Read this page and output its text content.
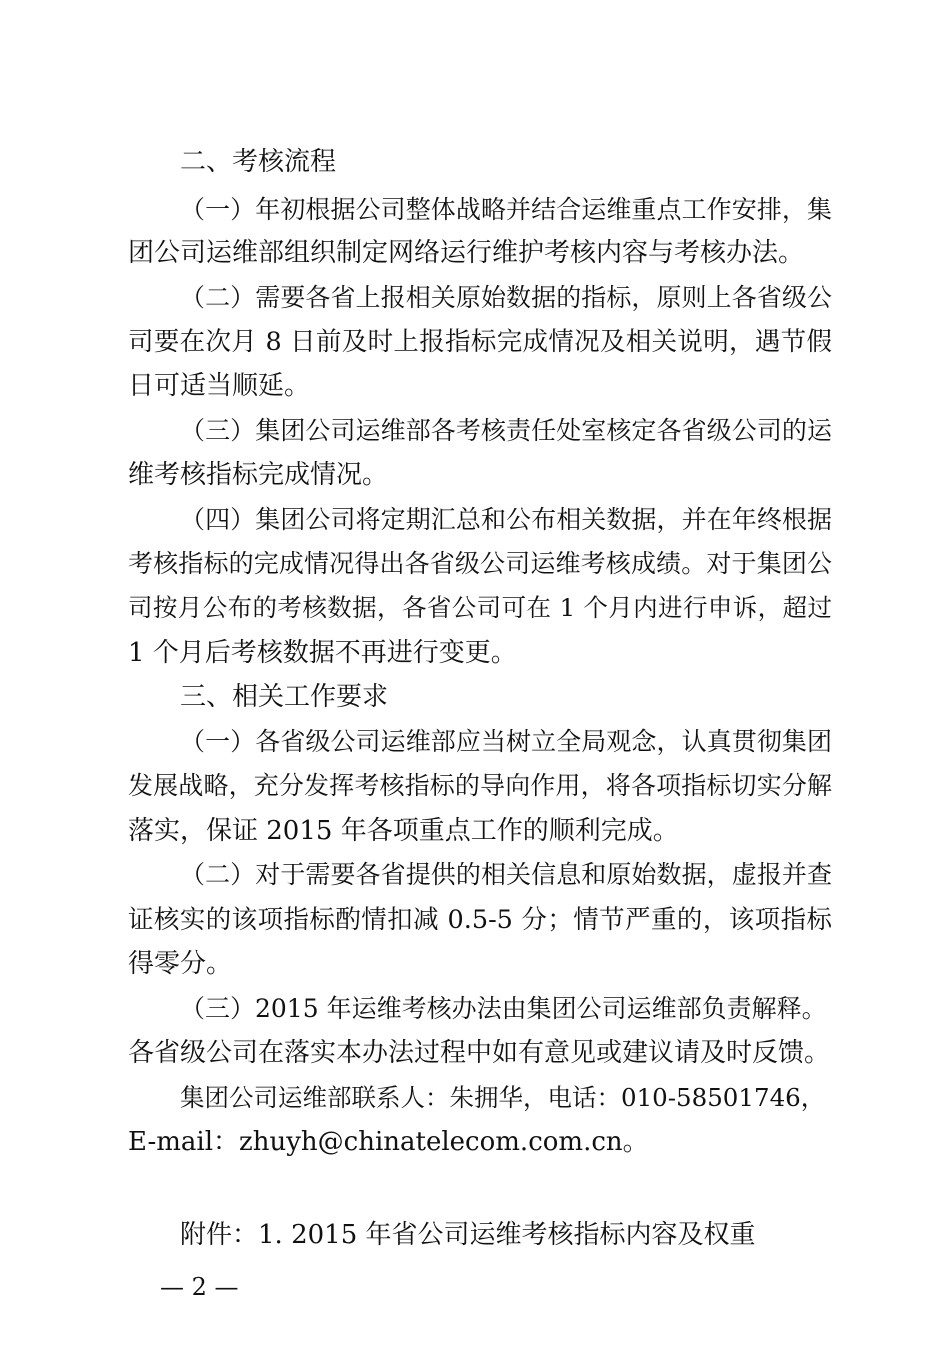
二、考核流程
（一）年初根据公司整体战略并结合运维重点工作安排，集
团公司运维部组织制定网络运行维护考核内容与考核办法。
（二）需要各省上报相关原始数据的指标，原则上各省级公
司要在次月 8 日前及时上报指标完成情况及相关说明，遇节假
日可适当顺延。
（三）集团公司运维部各考核责任处室核定各省级公司的运
维考核指标完成情况。
（四）集团公司将定期汇总和公布相关数据，并在年终根据
考核指标的完成情况得出各省级公司运维考核成绩。对于集团公
司按月公布的考核数据，各省公司可在 1 个月内进行申诉，超过
1 个月后考核数据不再进行变更。
三、相关工作要求
（一）各省级公司运维部应当树立全局观念，认真贯彻集团
发展战略，充分发挥考核指标的导向作用，将各项指标切实分解
落实，保证 2015 年各项重点工作的顺利完成。
（二）对于需要各省提供的相关信息和原始数据，虚报并查
证核实的该项指标酌情扣减 0.5-5 分；情节严重的，该项指标
得零分。
（三）2015 年运维考核办法由集团公司运维部负责解释。
各省级公司在落实本办法过程中如有意见或建议请及时反馈。
集团公司运维部联系人：朱拥华，电话：010-58501746，
E-mail：zhuyh@chinatelecom.com.cn。
附件：1. 2015 年省公司运维考核指标内容及权重
— 2 —
